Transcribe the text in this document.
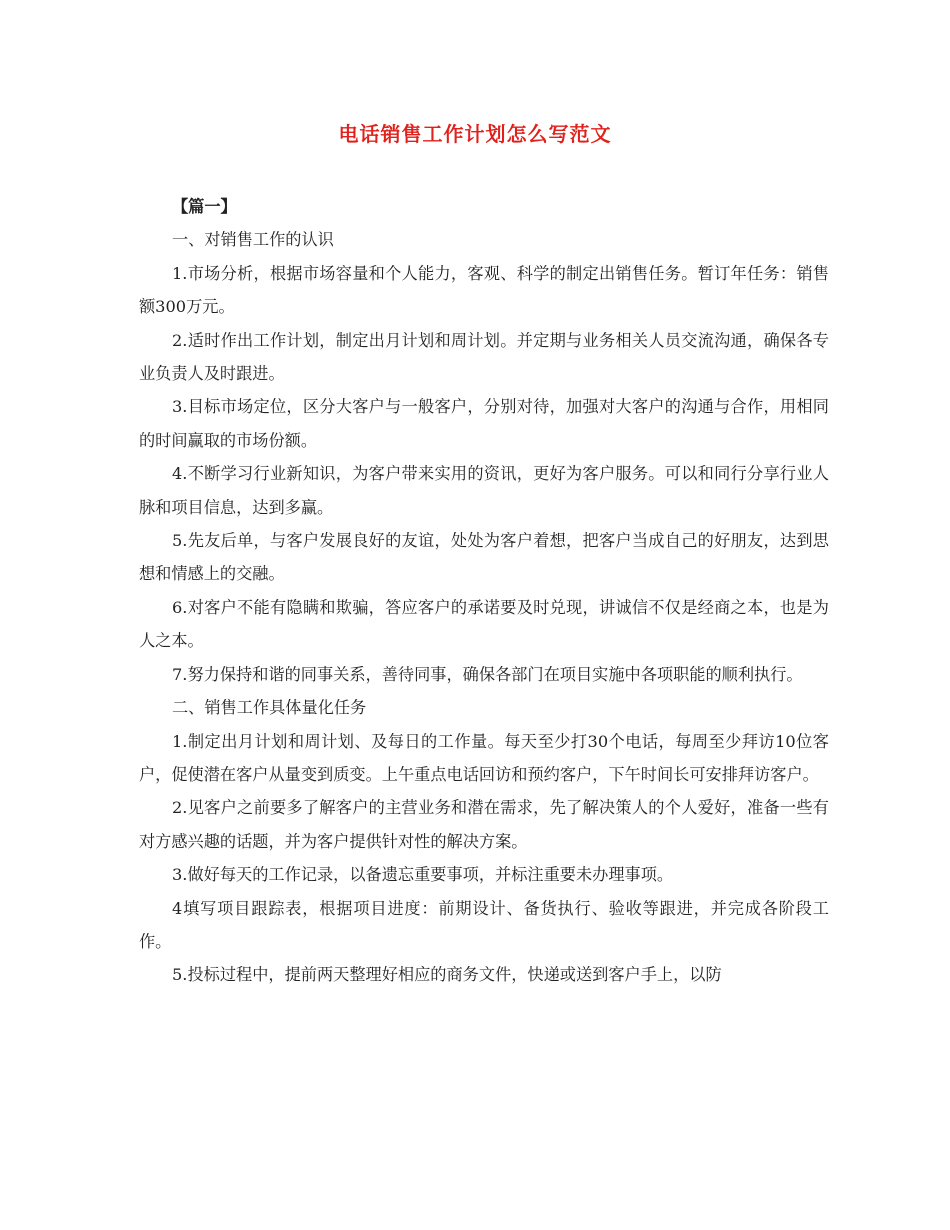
电话销售工作计划怎么写范文

【篇一】

一、对销售工作的认识

1.市场分析，根据市场容量和个人能力，客观、科学的制定出销售任务。暂订年任务：销售额300万元。

2.适时作出工作计划，制定出月计划和周计划。并定期与业务相关人员交流沟通，确保各专业负责人及时跟进。

3.目标市场定位，区分大客户与一般客户，分别对待，加强对大客户的沟通与合作，用相同的时间赢取的市场份额。

4.不断学习行业新知识，为客户带来实用的资讯，更好为客户服务。可以和同行分享行业人脉和项目信息，达到多赢。

5.先友后单，与客户发展良好的友谊，处处为客户着想，把客户当成自己的好朋友，达到思想和情感上的交融。

6.对客户不能有隐瞒和欺骗，答应客户的承诺要及时兑现，讲诚信不仅是经商之本，也是为人之本。

7.努力保持和谐的同事关系，善待同事，确保各部门在项目实施中各项职能的顺利执行。

二、销售工作具体量化任务

1.制定出月计划和周计划、及每日的工作量。每天至少打30个电话，每周至少拜访10位客户，促使潜在客户从量变到质变。上午重点电话回访和预约客户，下午时间长可安排拜访客户。

2.见客户之前要多了解客户的主营业务和潜在需求，先了解决策人的个人爱好，准备一些有对方感兴趣的话题，并为客户提供针对性的解决方案。

3.做好每天的工作记录，以备遗忘重要事项，并标注重要未办理事项。

4填写项目跟踪表，根据项目进度：前期设计、备货执行、验收等跟进，并完成各阶段工作。

5.投标过程中，提前两天整理好相应的商务文件，快递或送到客户手上，以防
